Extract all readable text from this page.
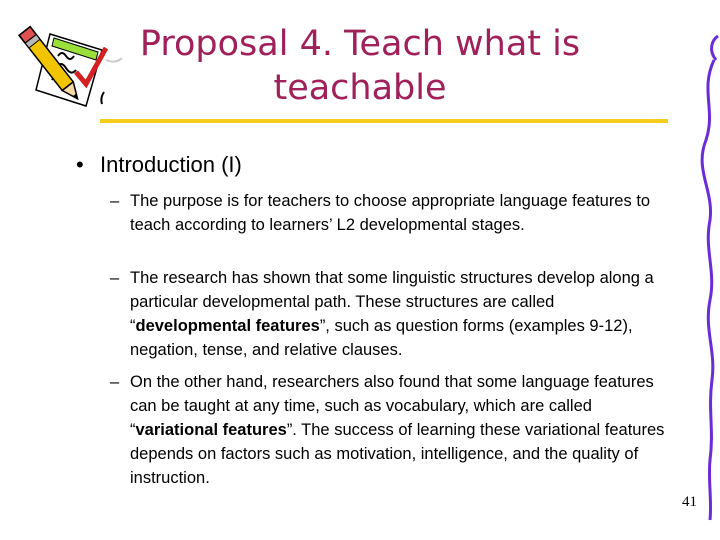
Proposal 4. Teach what is
teachable
• Introduction (I)
– The purpose is for teachers to choose appropriate language features to teach according to learners’ L2 developmental stages.
– The research has shown that some linguistic structures develop along a particular developmental path. These structures are called “developmental features”, such as question forms (examples 9-12), negation, tense, and relative clauses.
– On the other hand, researchers also found that some language features can be taught at any time, such as vocabulary, which are called “variational features”. The success of learning these variational features depends on factors such as motivation, intelligence, and the quality of instruction.
41
